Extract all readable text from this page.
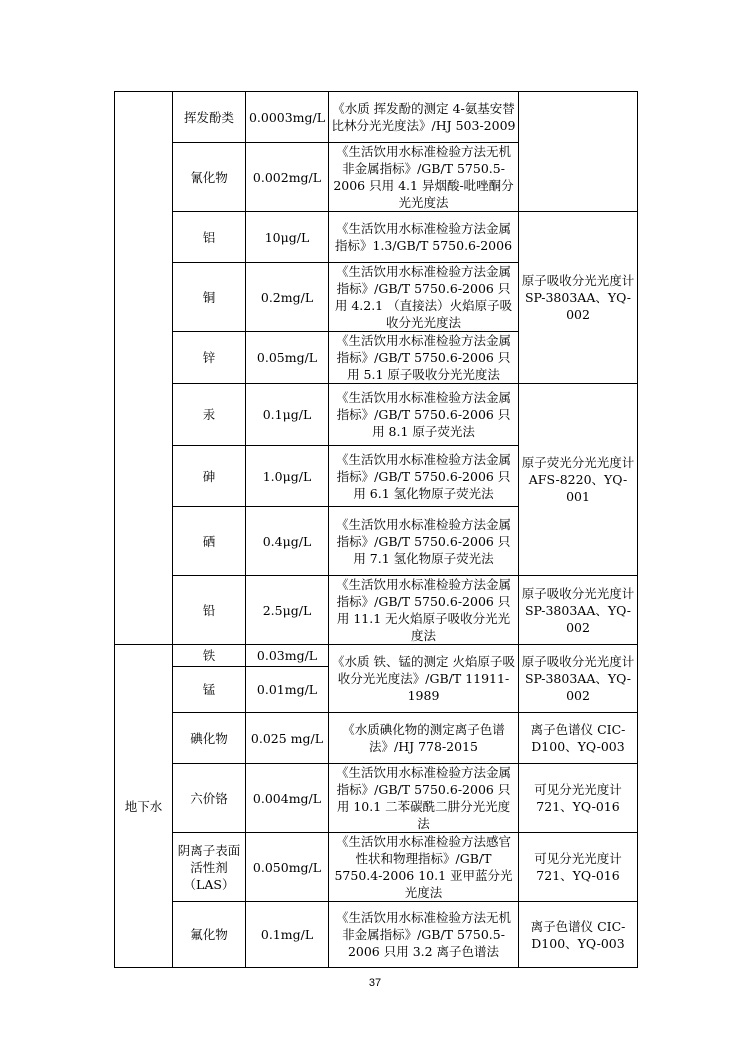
	挥发酚类	0.0003mg/L	《水质 挥发酚的测定 4-氨基安替比林分光光度法》/HJ 503-2009	
	氰化物	0.002mg/L	《生活饮用水标准检验方法无机非金属指标》/GB/T 5750.5-2006 只用 4.1 异烟酸-吡唑酮分光光度法	
	铝	10μg/L	《生活饮用水标准检验方法金属指标》1.3/GB/T 5750.6-2006	原子吸收分光光度计 SP-3803AA、YQ-002
	铜	0.2mg/L	《生活饮用水标准检验方法金属指标》/GB/T 5750.6-2006 只用 4.2.1 （直接法）火焰原子吸收分光光度法	
	锌	0.05mg/L	《生活饮用水标准检验方法金属指标》/GB/T 5750.6-2006 只用 5.1 原子吸收分光光度法	
	汞	0.1μg/L	《生活饮用水标准检验方法金属指标》/GB/T 5750.6-2006 只用 8.1 原子荧光法	原子荧光分光光度计 AFS-8220、YQ-001
	砷	1.0μg/L	《生活饮用水标准检验方法金属指标》/GB/T 5750.6-2006 只用 6.1 氢化物原子荧光法	
	硒	0.4μg/L	《生活饮用水标准检验方法金属指标》/GB/T 5750.6-2006 只用 7.1 氢化物原子荧光法	
	铅	2.5μg/L	《生活饮用水标准检验方法金属指标》/GB/T 5750.6-2006 只用 11.1 无火焰原子吸收分光光度法	原子吸收分光光度计 SP-3803AA、YQ-002
地下水	铁	0.03mg/L	《水质 铁、锰的测定 火焰原子吸收分光光度法》/GB/T 11911-1989	原子吸收分光光度计 SP-3803AA、YQ-002
	锰	0.01mg/L		
	碘化物	0.025 mg/L	《水质碘化物的测定离子色谱法》/HJ 778-2015	离子色谱仪 CIC-D100、YQ-003
	六价铬	0.004mg/L	《生活饮用水标准检验方法金属指标》/GB/T 5750.6-2006 只用 10.1 二苯碳酰二肼分光光度法	可见分光光度计 721、YQ-016
	阴离子表面活性剂（LAS）	0.050mg/L	《生活饮用水标准检验方法感官性状和物理指标》/GB/T 5750.4-2006 10.1 亚甲蓝分光光度法	可见分光光度计 721、YQ-016
	氟化物	0.1mg/L	《生活饮用水标准检验方法无机非金属指标》/GB/T 5750.5-2006 只用 3.2 离子色谱法	离子色谱仪 CIC-D100、YQ-003
37
